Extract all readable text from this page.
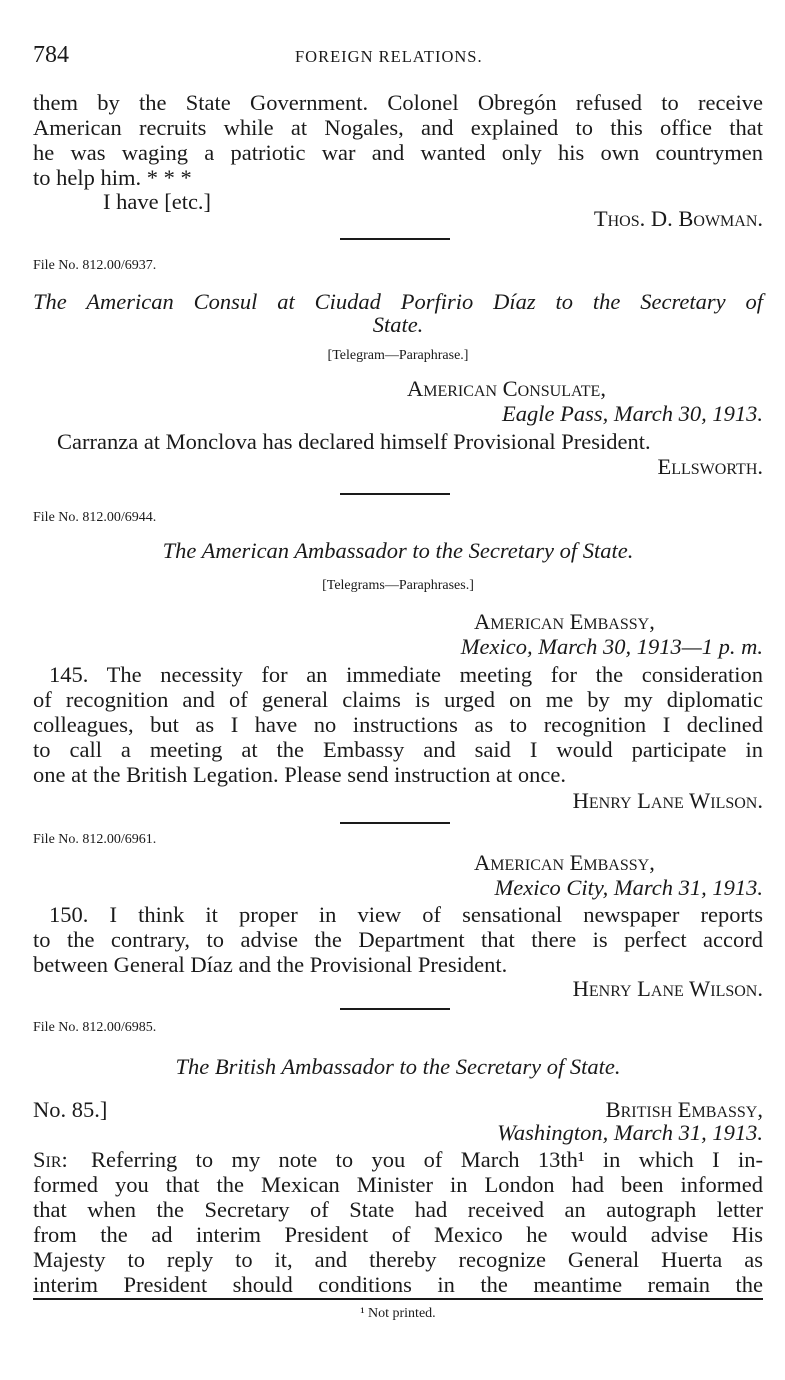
784	FOREIGN RELATIONS.
them by the State Government. Colonel Obregón refused to receive
American recruits while at Nogales, and explained to this office that
he was waging a patriotic war and wanted only his own countrymen
to help him. * * *
I have [etc.]
Thos. D. Bowman.
File No. 812.00/6937.
The American Consul at Ciudad Porfirio Díaz to the Secretary of
State.
[Telegram—Paraphrase.]
American Consulate,
Eagle Pass, March 30, 1913.
Carranza at Monclova has declared himself Provisional President.
Ellsworth.
File No. 812.00/6944.
The American Ambassador to the Secretary of State.
[Telegrams—Paraphrases.]
American Embassy,
Mexico, March 30, 1913—1 p. m.
145. The necessity for an immediate meeting for the consideration
of recognition and of general claims is urged on me by my diplomatic
colleagues, but as I have no instructions as to recognition I declined
to call a meeting at the Embassy and said I would participate in
one at the British Legation. Please send instruction at once.
Henry Lane Wilson.
File No. 812.00/6961.
American Embassy,
Mexico City, March 31, 1913.
150. I think it proper in view of sensational newspaper reports
to the contrary, to advise the Department that there is perfect accord
between General Díaz and the Provisional President.
Henry Lane Wilson.
File No. 812.00/6985.
The British Ambassador to the Secretary of State.
No. 85.]	British Embassy,
Washington, March 31, 1913.
Sir: Referring to my note to you of March 13th¹ in which I in-
formed you that the Mexican Minister in London had been informed
that when the Secretary of State had received an autograph letter
from the ad interim President of Mexico he would advise His
Majesty to reply to it, and thereby recognize General Huerta as
interim President should conditions in the meantime remain the
¹ Not printed.
